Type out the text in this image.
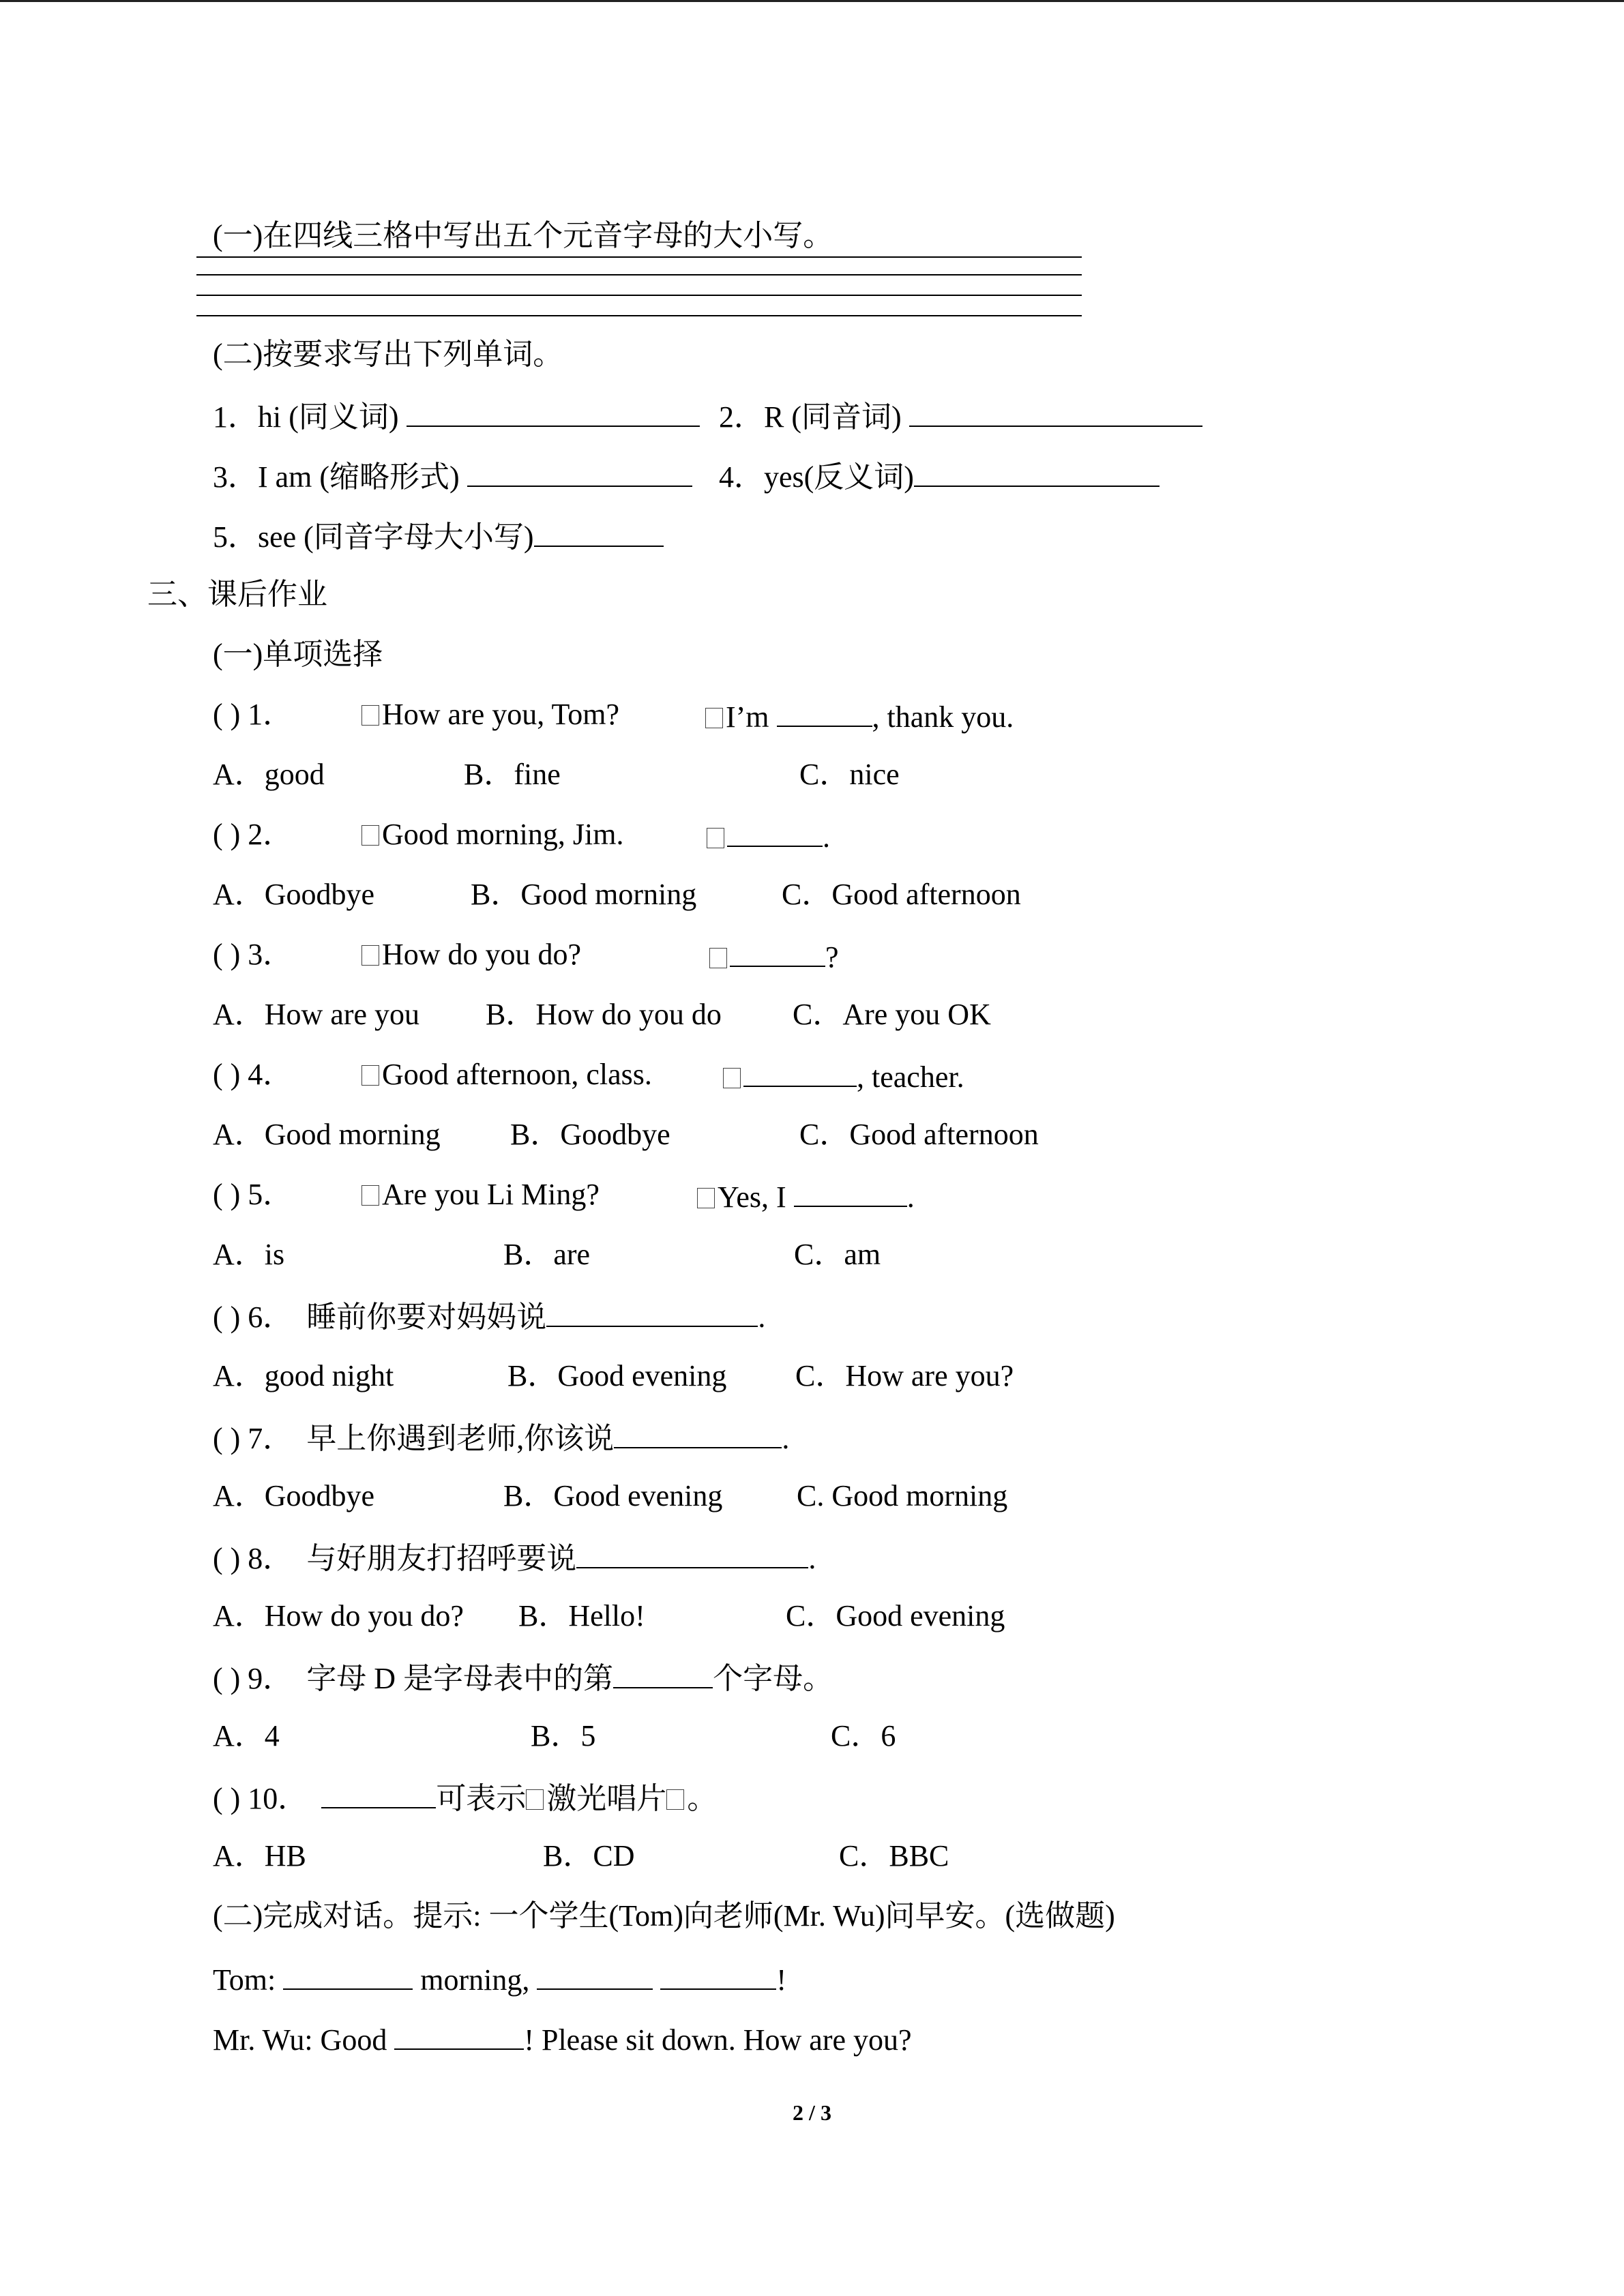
(一)在四线三格中写出五个元音字母的大小写。
(二)按要求写出下列单词。
1．hi (同义词)	2．R (同音词)
3．I am (缩略形式)	4．yes(反义词)
5．see (同音字母大小写)
三、课后作业
(一)单项选择
( ) 1．	How are you, Tom?	I’m	, thank you.
A．good	B．fine	C．nice
( ) 2．	Good morning, Jim.	.
A．Goodbye	B．Good morning	C．Good afternoon
( ) 3．	How do you do?	?
A．How are you B．How do you do C．Are you OK
( ) 4．	Good afternoon, class.	, teacher.
A．Good morning B．Goodbye	C．Good afternoon
( ) 5．	Are you Li Ming?	Yes, I	.
A．is	B．are	C．am
( ) 6． 睡前你要对妈妈说	.
A．good night	B．Good evening C．How are you?
( ) 7． 早上你遇到老师,你该说	.
A．Goodbye	B．Good evening C. Good morning
( ) 8． 与好朋友打招呼要说	.
A．How do you do? B．Hello!	C．Good evening
( ) 9． 字母 D 是字母表中的第	个字母。
A．4	B．5	C．6
( ) 10．	可表示 激光唱片 。
A．HB	B．CD	C．BBC
(二)完成对话。提示: 一个学生(Tom)向老师(Mr. Wu)问早安。(选做题)
Tom:	morning,	!
Mr. Wu: Good	! Please sit down. How are you?
2 / 3
